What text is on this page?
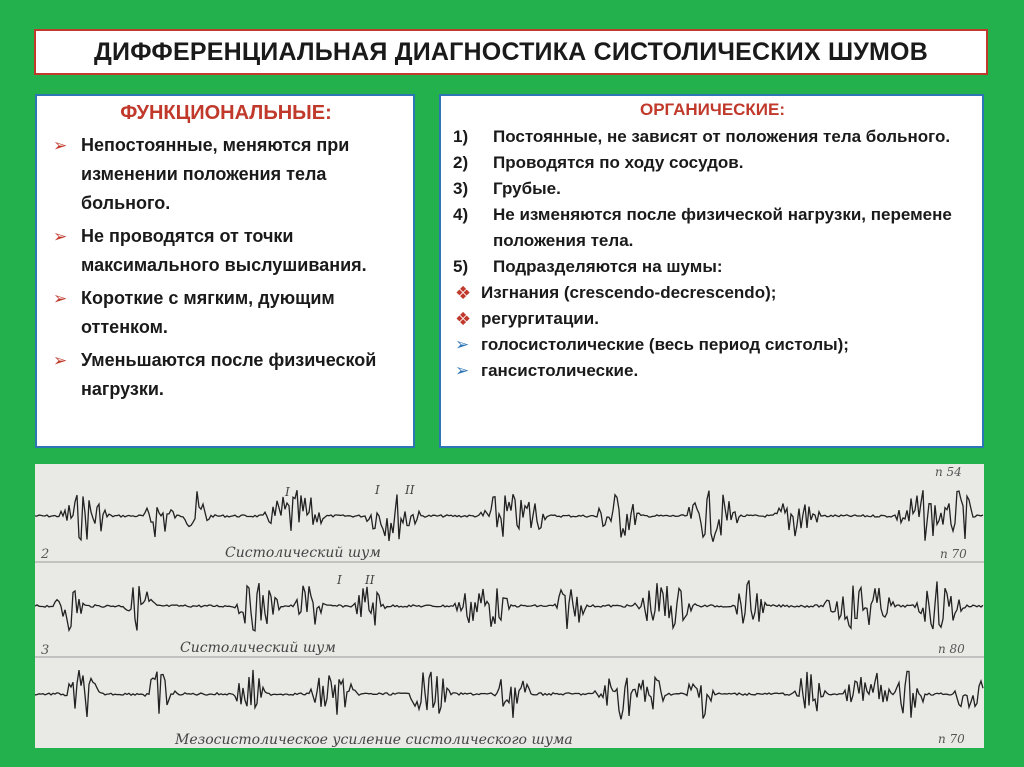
ДИФФЕРЕНЦИАЛЬНАЯ ДИАГНОСТИКА СИСТОЛИЧЕСКИХ ШУМОВ
ФУНКЦИОНАЛЬНЫЕ:
➢ Непостоянные, меняются при изменении положения тела больного.
➢ Не проводятся от точки максимального выслушивания.
➢ Короткие с мягким, дующим оттенком.
➢ Уменьшаются после физической нагрузки.
ОРГАНИЧЕСКИЕ:
1) Постоянные, не зависят от положения тела больного.
2) Проводятся по ходу сосудов.
3) Грубые.
4) Не изменяются после физической нагрузки, перемене положения тела.
5) Подразделяются на шумы:
❖ Изгнания (crescendo-decrescendo);
❖ регургитации.
➢ голосистолические (весь период систолы);
➢ гансистолические.
Систолический шум
Систолический шум
Мезосистолическое усиление систолического шума
2
3
п 54
п 70
п 80
п 70
I	I II
I II
